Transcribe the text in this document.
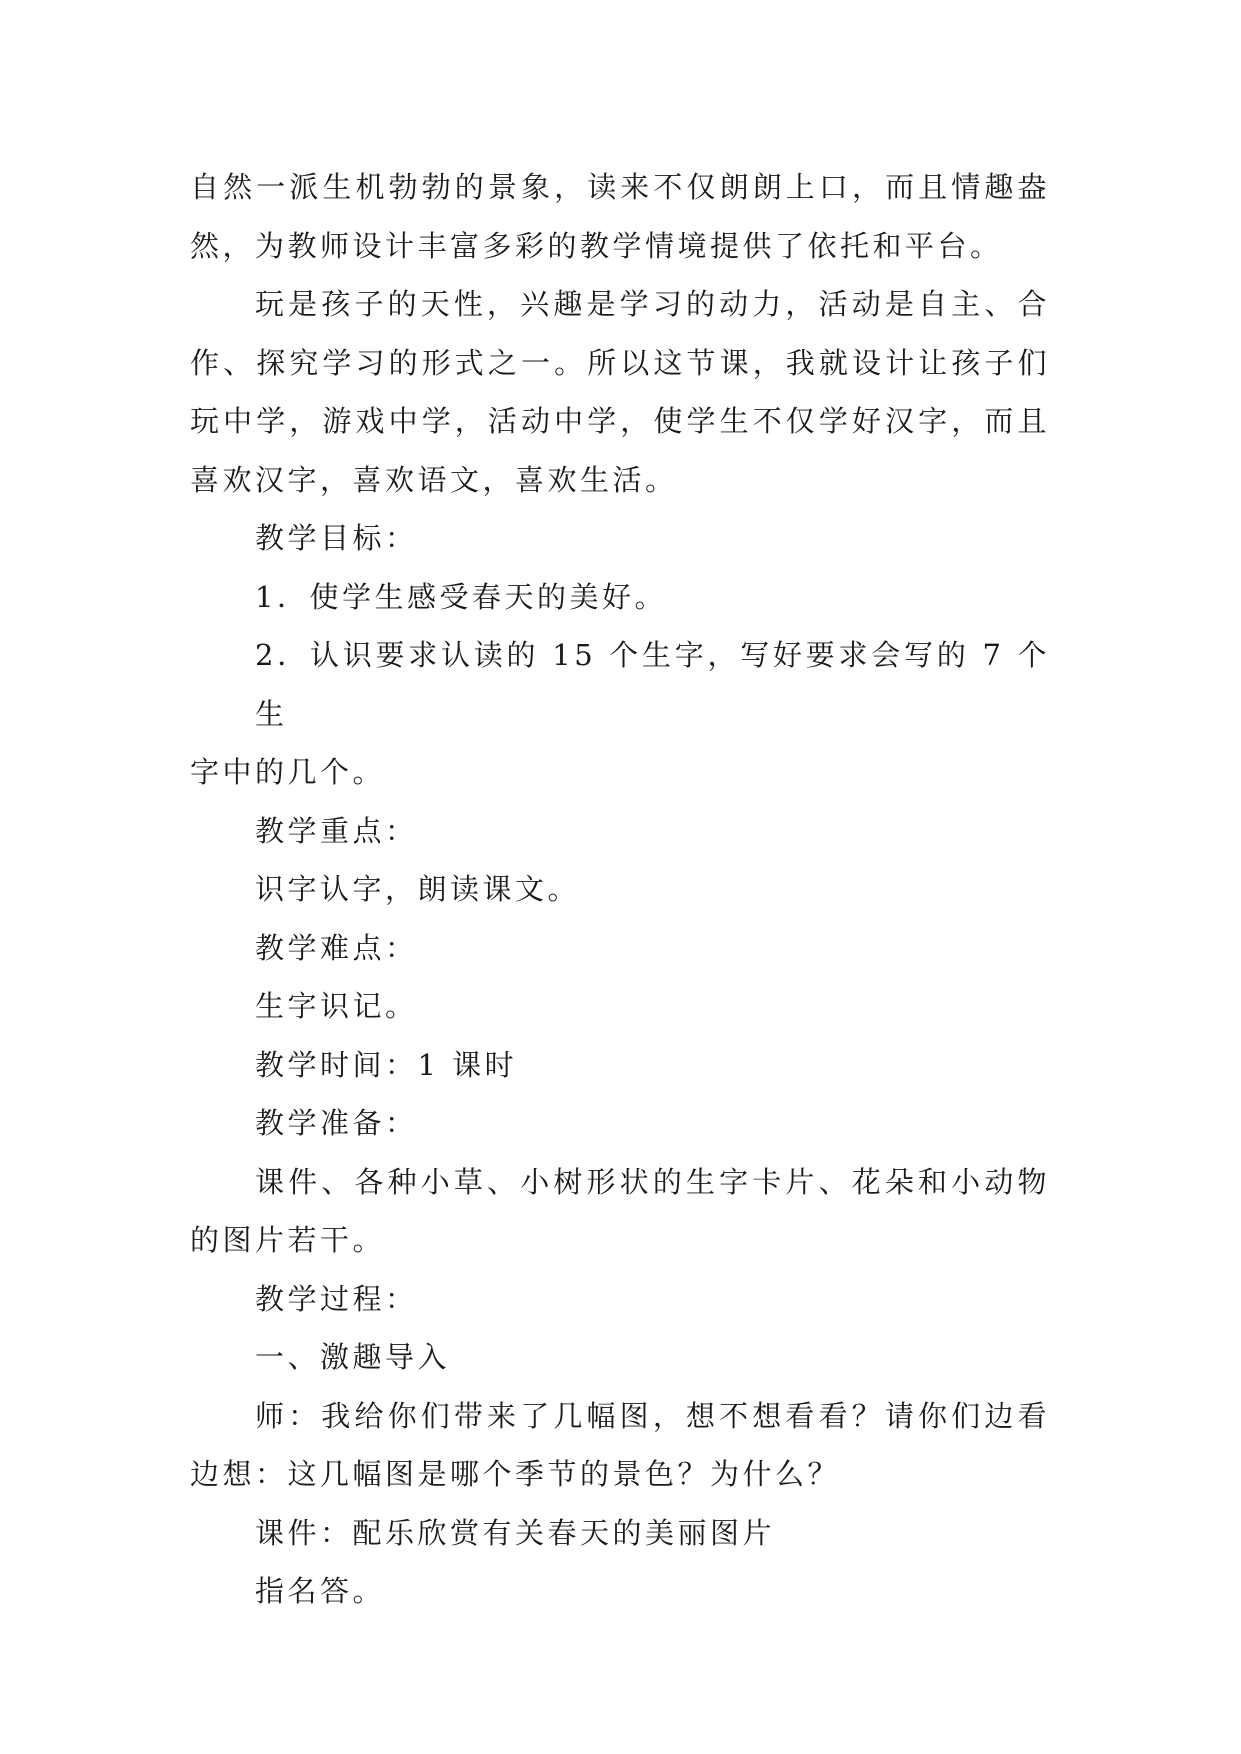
自然一派生机勃勃的景象，读来不仅朗朗上口，而且情趣盎
然，为教师设计丰富多彩的教学情境提供了依托和平台。
玩是孩子的天性，兴趣是学习的动力，活动是自主、合
作、探究学习的形式之一。所以这节课，我就设计让孩子们
玩中学，游戏中学，活动中学，使学生不仅学好汉字，而且
喜欢汉字，喜欢语文，喜欢生活。
教学目标：
1．使学生感受春天的美好。
2．认识要求认读的 15 个生字，写好要求会写的 7 个生
字中的几个。
教学重点：
识字认字，朗读课文。
教学难点：
生字识记。
教学时间：1 课时
教学准备：
课件、各种小草、小树形状的生字卡片、花朵和小动物
的图片若干。
教学过程：
一、激趣导入
师：我给你们带来了几幅图，想不想看看？请你们边看
边想：这几幅图是哪个季节的景色？为什么？
课件：配乐欣赏有关春天的美丽图片
指名答。
